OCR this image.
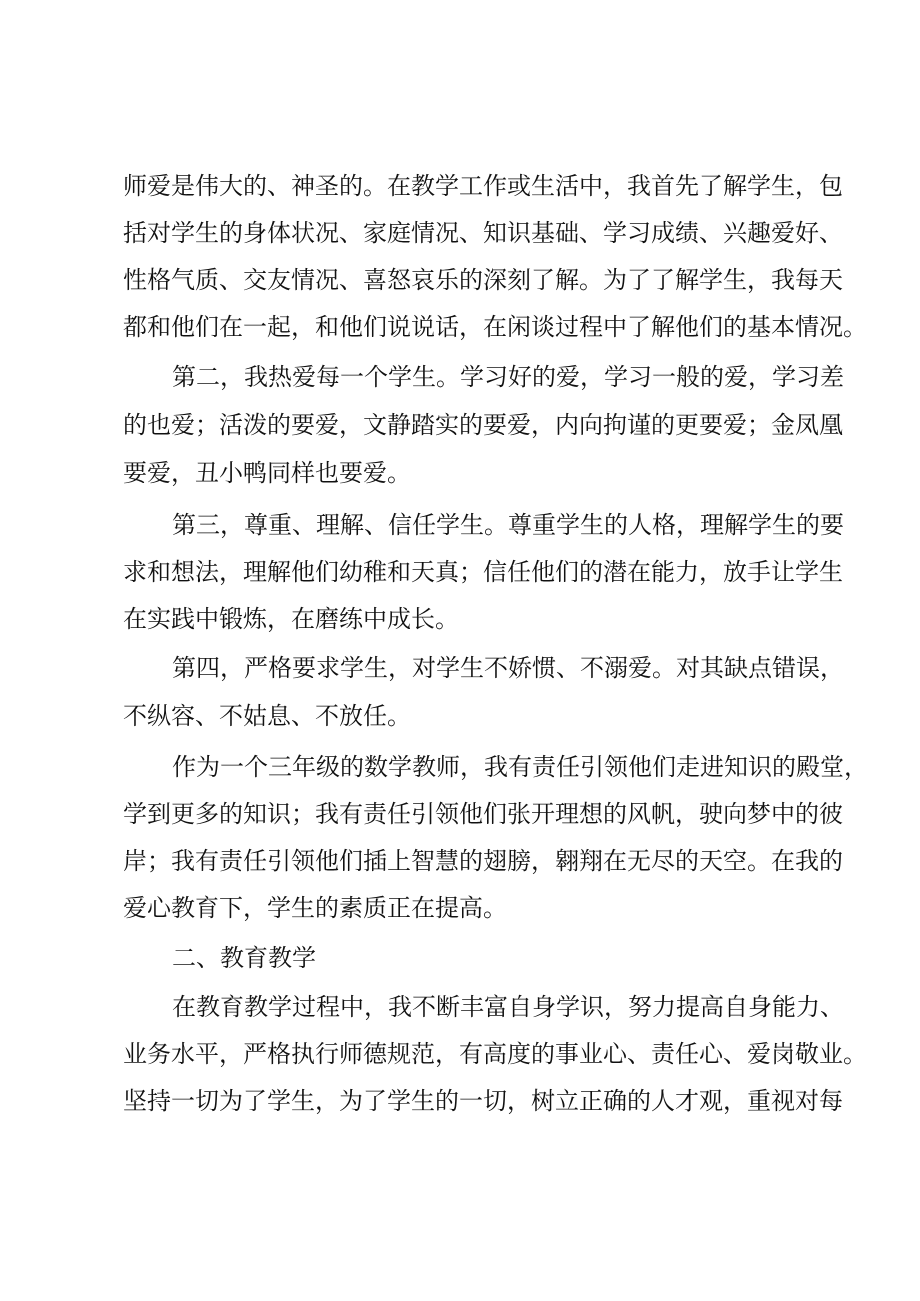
师爱是伟大的、神圣的。在教学工作或生活中，我首先了解学生，包
括对学生的身体状况、家庭情况、知识基础、学习成绩、兴趣爱好、
性格气质、交友情况、喜怒哀乐的深刻了解。为了了解学生，我每天
都和他们在一起，和他们说说话，在闲谈过程中了解他们的基本情况。
第二，我热爱每一个学生。学习好的爱，学习一般的爱，学习差
的也爱；活泼的要爱，文静踏实的要爱，内向拘谨的更要爱；金凤凰
要爱，丑小鸭同样也要爱。
第三，尊重、理解、信任学生。尊重学生的人格，理解学生的要
求和想法，理解他们幼稚和天真；信任他们的潜在能力，放手让学生
在实践中锻炼，在磨练中成长。
第四，严格要求学生，对学生不娇惯、不溺爱。对其缺点错误，
不纵容、不姑息、不放任。
作为一个三年级的数学教师，我有责任引领他们走进知识的殿堂，
学到更多的知识；我有责任引领他们张开理想的风帆，驶向梦中的彼
岸；我有责任引领他们插上智慧的翅膀，翱翔在无尽的天空。在我的
爱心教育下，学生的素质正在提高。
二、教育教学
在教育教学过程中，我不断丰富自身学识，努力提高自身能力、
业务水平，严格执行师德规范，有高度的事业心、责任心、爱岗敬业。
坚持一切为了学生，为了学生的一切，树立正确的人才观，重视对每
